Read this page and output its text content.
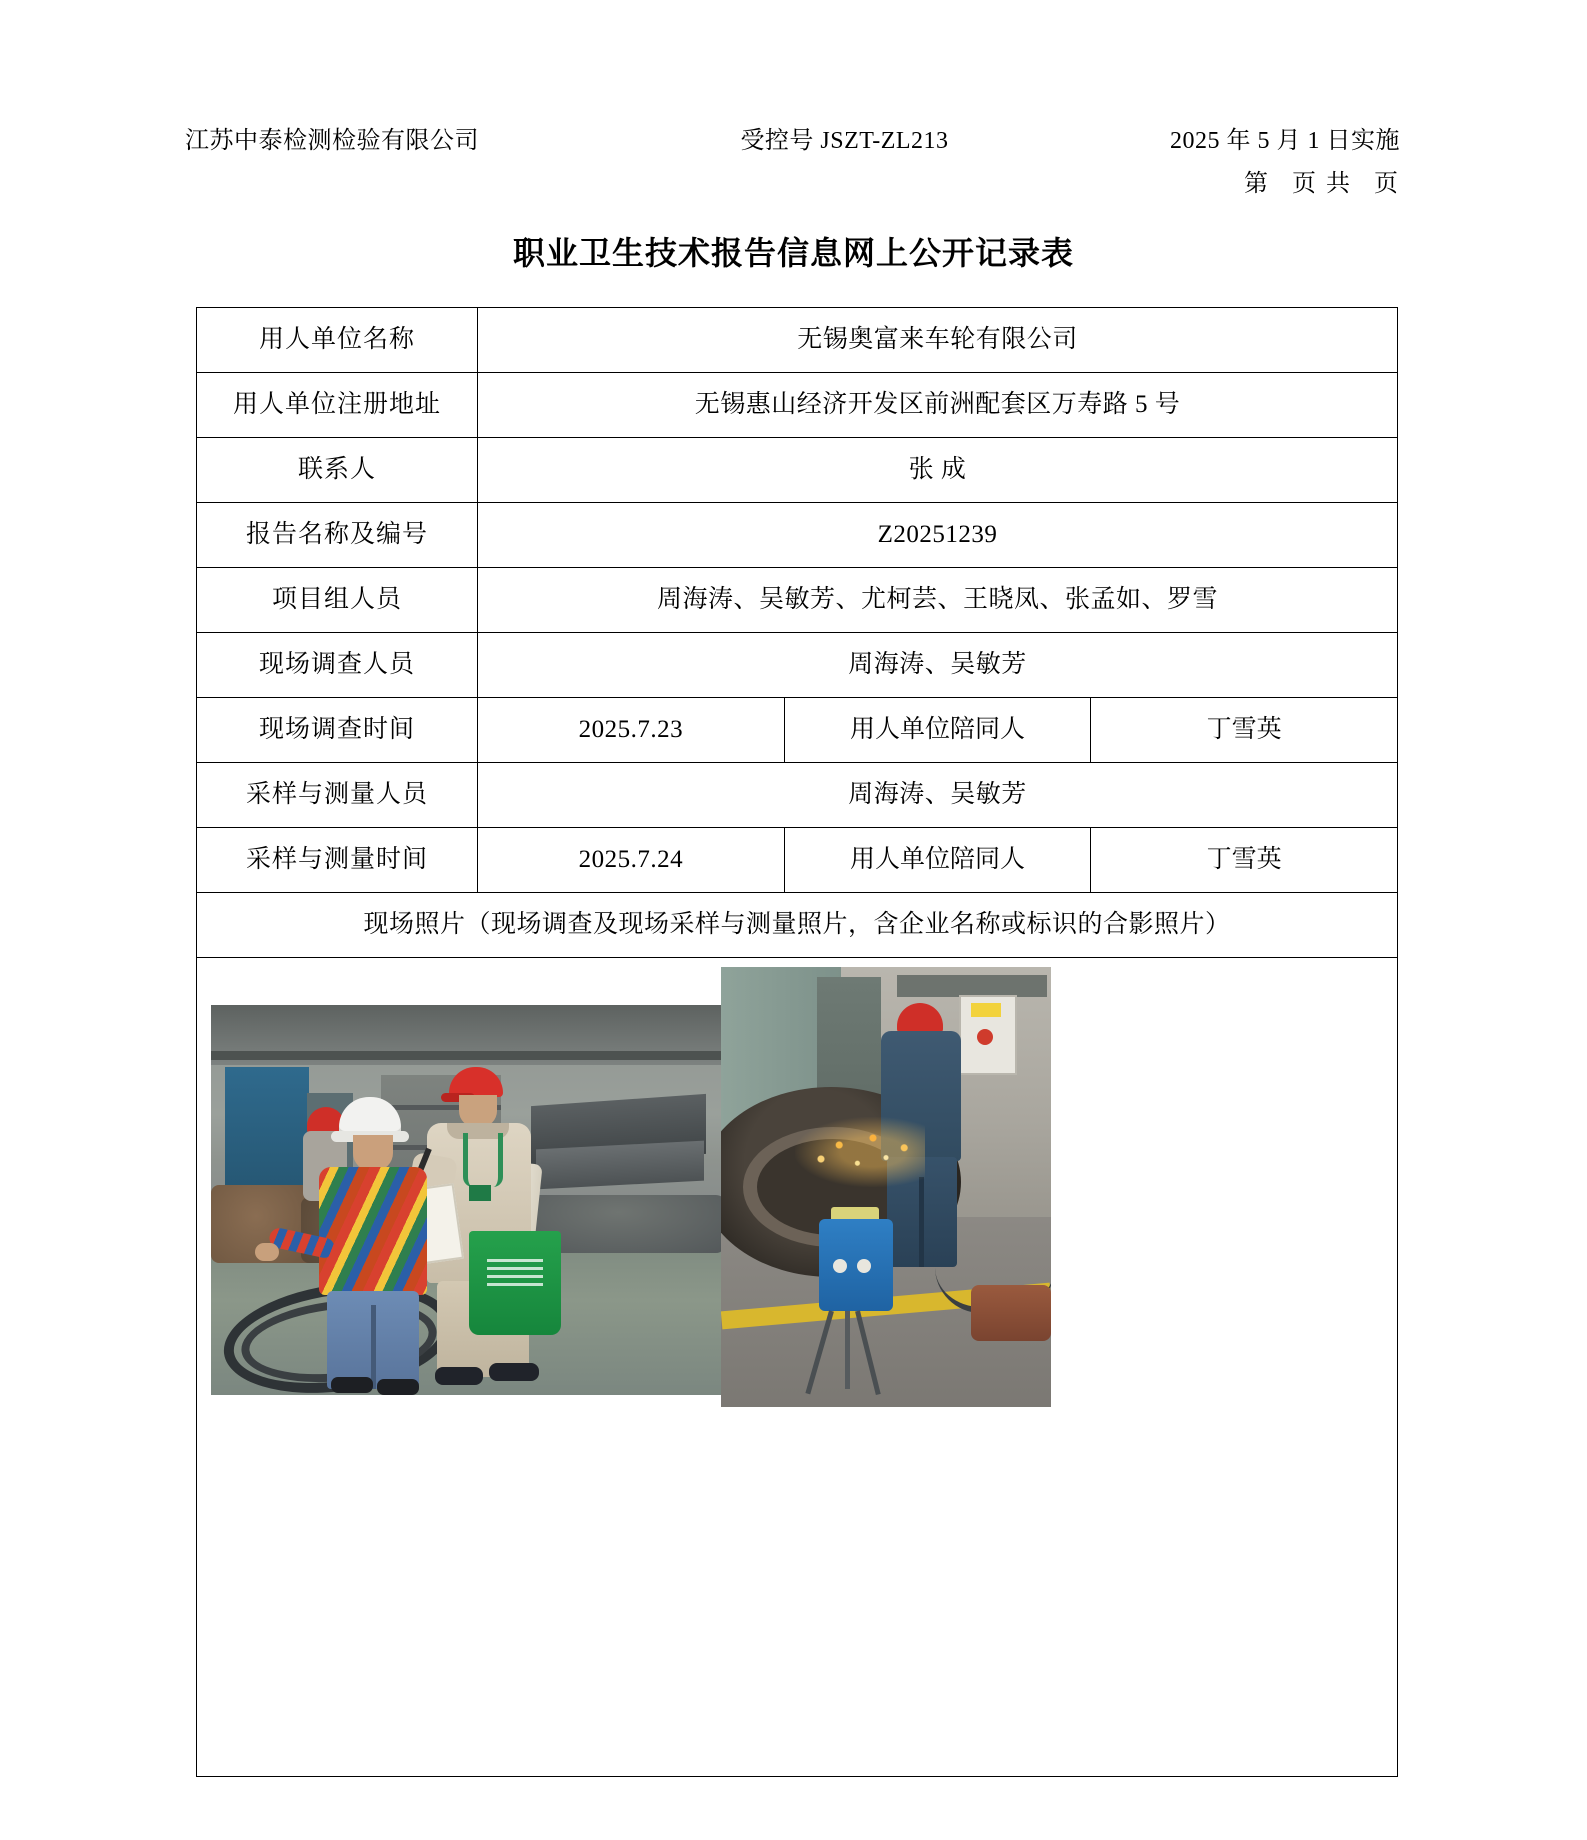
江苏中泰检测检验有限公司	受控号 JSZT-ZL213	2025 年 5 月 1 日实施
第 页 共 页
职业卫生技术报告信息网上公开记录表
用人单位名称	无锡奥富来车轮有限公司		
用人单位注册地址	无锡惠山经济开发区前洲配套区万寿路 5 号		
联系人	张 成		
报告名称及编号	Z20251239		
项目组人员	周海涛、吴敏芳、尤柯芸、王晓凤、张孟如、罗雪		
现场调查人员	周海涛、吴敏芳		
现场调查时间	2025.7.23	用人单位陪同人	丁雪英
采样与测量人员	周海涛、吴敏芳		
采样与测量时间	2025.7.24	用人单位陪同人	丁雪英
现场照片（现场调查及现场采样与测量照片，含企业名称或标识的合影照片）			
